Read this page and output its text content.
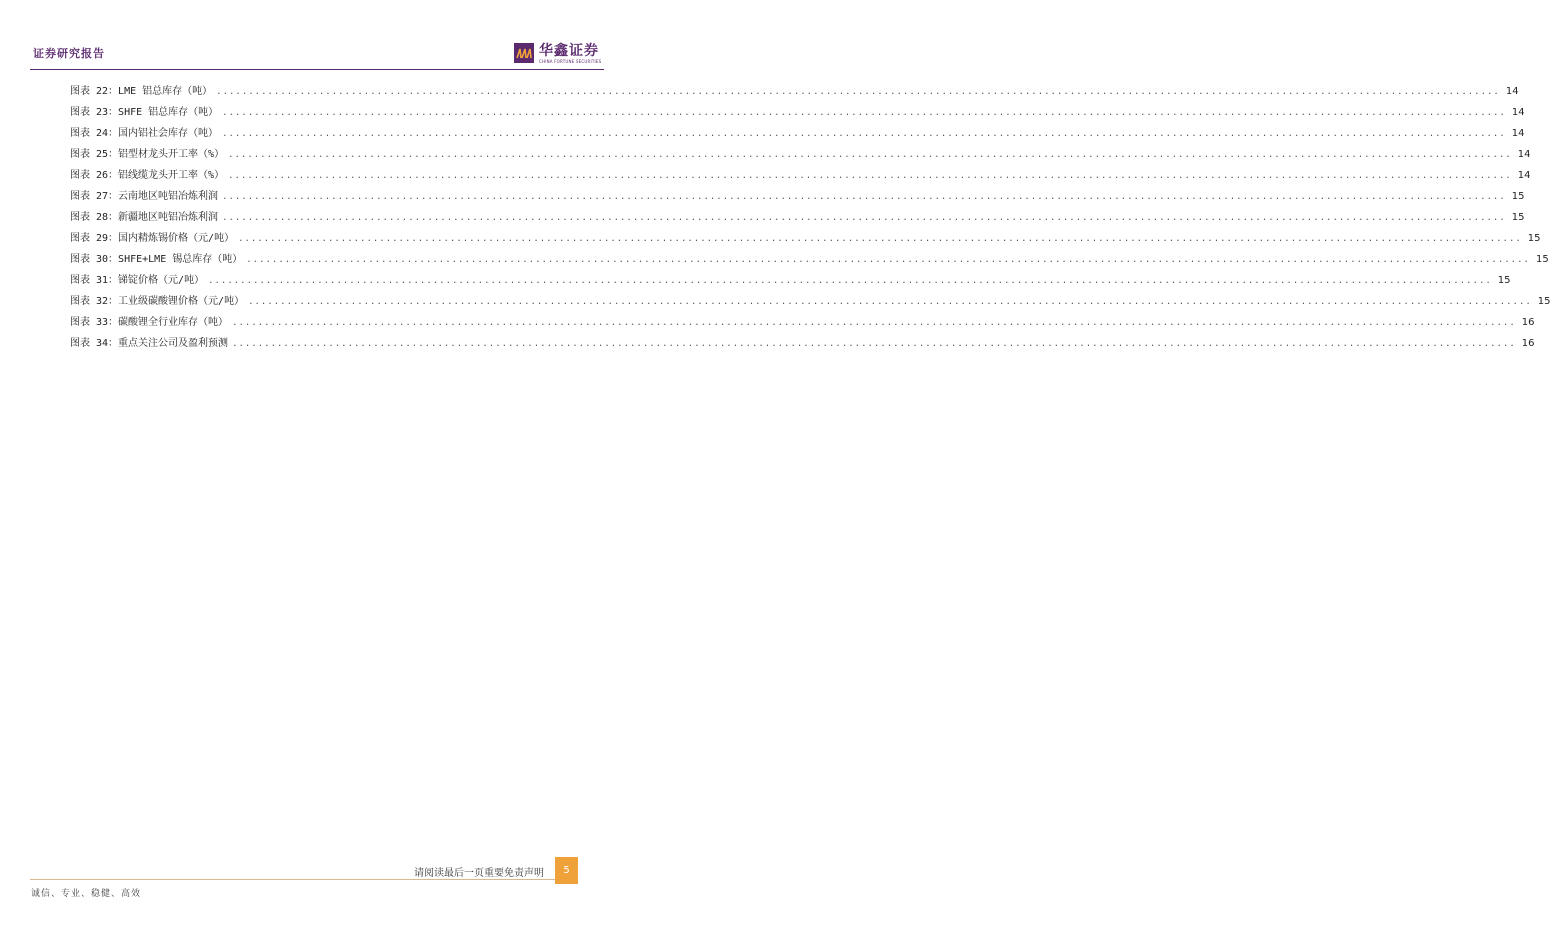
证券研究报告	华鑫证券
CHINA FORTUNE SECURITIES
图表 22：LME 铝总库存（吨） ........................................................................................................................................................................................................ 14
图表 23：SHFE 铝总库存（吨） ........................................................................................................................................................................................................ 14
图表 24：国内铝社会库存（吨） ........................................................................................................................................................................................................ 14
图表 25：铝型材龙头开工率（%） ........................................................................................................................................................................................................ 14
图表 26：铝线缆龙头开工率（%） ........................................................................................................................................................................................................ 14
图表 27：云南地区吨铝冶炼利润 ........................................................................................................................................................................................................ 15
图表 28：新疆地区吨铝冶炼利润 ........................................................................................................................................................................................................ 15
图表 29：国内精炼锡价格（元/吨） ........................................................................................................................................................................................................ 15
图表 30：SHFE+LME 锡总库存（吨） ........................................................................................................................................................................................................ 15
图表 31：锑锭价格（元/吨） ........................................................................................................................................................................................................ 15
图表 32：工业级碳酸锂价格（元/吨） ........................................................................................................................................................................................................ 15
图表 33：碳酸锂全行业库存（吨） ........................................................................................................................................................................................................ 16
图表 34：重点关注公司及盈利预测 ........................................................................................................................................................................................................ 16
请阅读最后一页重要免责声明 5
诚信、专业、稳健、高效
